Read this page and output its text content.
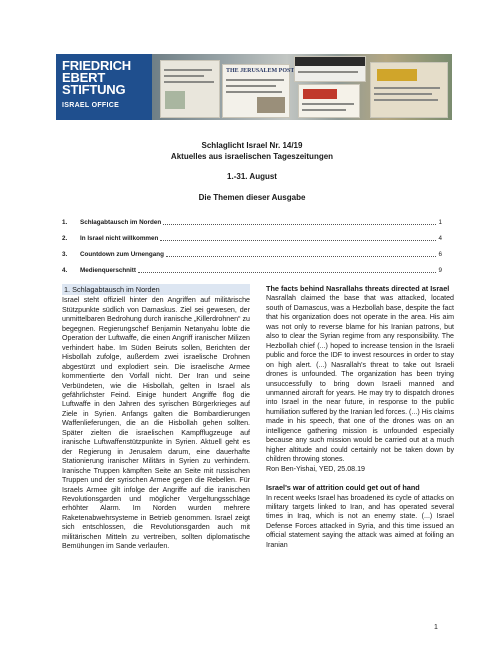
FRIEDRICH
EBERT
STIFTUNG
ISRAEL OFFICE
THE JERUSALEM POST
Schlaglicht Israel Nr. 14/19
Aktuelles aus israelischen Tageszeitungen
1.-31. August
Die Themen dieser Ausgabe
1.	Schlagabtausch im Norden	1
2.	In Israel nicht willkommen	4
3.	Countdown zum Urnengang	6
4.	Medienquerschnitt	9
1. Schlagabtausch im Norden

Israel steht offiziell hinter den Angriffen auf militärische Stützpunkte südlich von Damaskus. Ziel sei gewesen, der unmittelbaren Bedrohung durch iranische „Killerdrohnen“ zu begegnen. Regierungschef Benjamin Netanyahu lobte die Operation der Luftwaffe, die einen Angriff iranischer Milizen verhindert habe. Im Süden Beiruts sollen, Berichten der Hisbollah zufolge, außerdem zwei israelische Drohnen abgestürzt und explodiert sein. Die israelische Armee kommentierte den Vorfall nicht. Der Iran und seine Verbündeten, wie die Hisbollah, gelten in Israel als gefährlichster Feind. Einige hundert Angriffe flog die Luftwaffe in den Jahren des syrischen Bürgerkrieges auf Ziele in Syrien. Anfangs galten die Bombardierungen Waffenlieferungen, die an die Hisbollah gehen sollten. Später zielten die israelischen Kampfflugzeuge auf iranische Luftwaffenstützpunkte in Syrien. Aktuell geht es der Regierung in Jerusalem darum, eine dauerhafte Stationierung iranischer Militärs in Syrien zu verhindern. Iranische Truppen kämpften Seite an Seite mit russischen Truppen und der syrischen Armee gegen die Rebellen. Für Israels Armee gilt infolge der Angriffe auf die iranischen Revolutionsgarden und möglicher Vergeltungsschläge erhöhter Alarm. Im Norden wurden mehrere Raketenabwehrsysteme in Betrieb genommen. Israel zeigt sich entschlossen, die Revolutionsgarden auch mit militärischen Mitteln zu vertreiben, sollten diplomatische Bemühungen im Sande verlaufen.

The facts behind Nasrallahs threats directed at Israel

Nasrallah claimed the base that was attacked, located south of Damascus, was a Hezbollah base, despite the fact that his organization does not operate in the area. His aim was not only to reverse blame for his Iranian patrons, but also to clear the Syrian regime from any responsibility. The Hezbollah chief (...) hoped to increase tension in the Israeli public and force the IDF to invest resources in order to stay on high alert. (...) Nasrallah's threat to take out Israeli drones is unfounded. The organization has been trying unsuccessfully to bring down Israeli manned and unmanned aircraft for years. He may try to dispatch drones into Israel in the near future, in response to the public humiliation suffered by the Iranian led forces. (...) His claims made in his speech, that one of the drones was on an intelligence gathering mission is unfounded especially because any such mission would be carried out at a much higher altitude and could certainly not be taken down by children throwing stones.

Ron Ben-Yishai, YED, 25.08.19

Israel's war of attrition could get out of hand

In recent weeks Israel has broadened its cycle of attacks on military targets linked to Iran, and has operated several times in Iraq, which is not an enemy state. (...) Israel Defense Forces attacked in Syria, and this time issued an official statement saying the attack was aimed at foiling an Iranian

1
